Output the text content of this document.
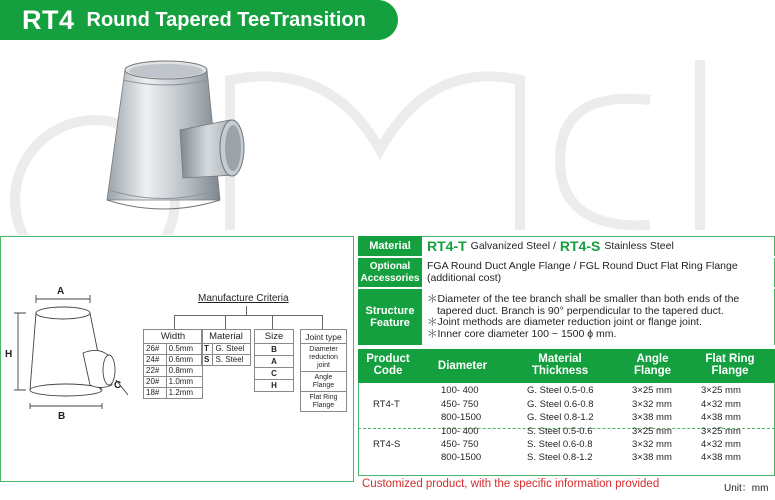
RT4 Round Tapered TeeTransition
A
H
C
B
Manufacture Criteria
Width	
26#	0.5mm
24#	0.6mm
22#	0.8mm
20#	1.0mm
18#	1.2mm
Material	
T	G. Steel
S	S. Steel
Size
B
A
C
H
Joint type
Diameter reduction joint
Angle Flange
Flat Ring Flange
Material	RT4-T Galvanized Steel / RT4-S Stainless Steel
Optional Accessories
FGA Round Duct Angle Flange / FGL Round Duct Flat Ring Flange
(additional cost)
Structure Feature
＊Diameter of the tee branch shall be smaller than both ends of the
tapered duct. Branch is 90° perpendicular to the tapered duct.
＊Joint methods are diameter reduction joint or flange joint.
＊Inner core diameter 100 ~ 1500 ϕ mm.
Product Code
/
Diameter
/
Material Thickness
/
Angle Flange
/
Flat Ring Flange
RT4-T
100- 400	G. Steel 0.5-0.6	3×25 mm	3×25 mm
450- 750	G. Steel 0.6-0.8	3×32 mm	4×32 mm
800-1500	G. Steel 0.8-1.2	3×38 mm	4×38 mm
RT4-S
100- 400	S. Steel 0.5-0.6	3×25 mm	3×25 mm
450- 750	S. Steel 0.6-0.8	3×32 mm	4×32 mm
800-1500	S. Steel 0.8-1.2	3×38 mm	4×38 mm
Customized product, with the specific information provided	Unit：mm
